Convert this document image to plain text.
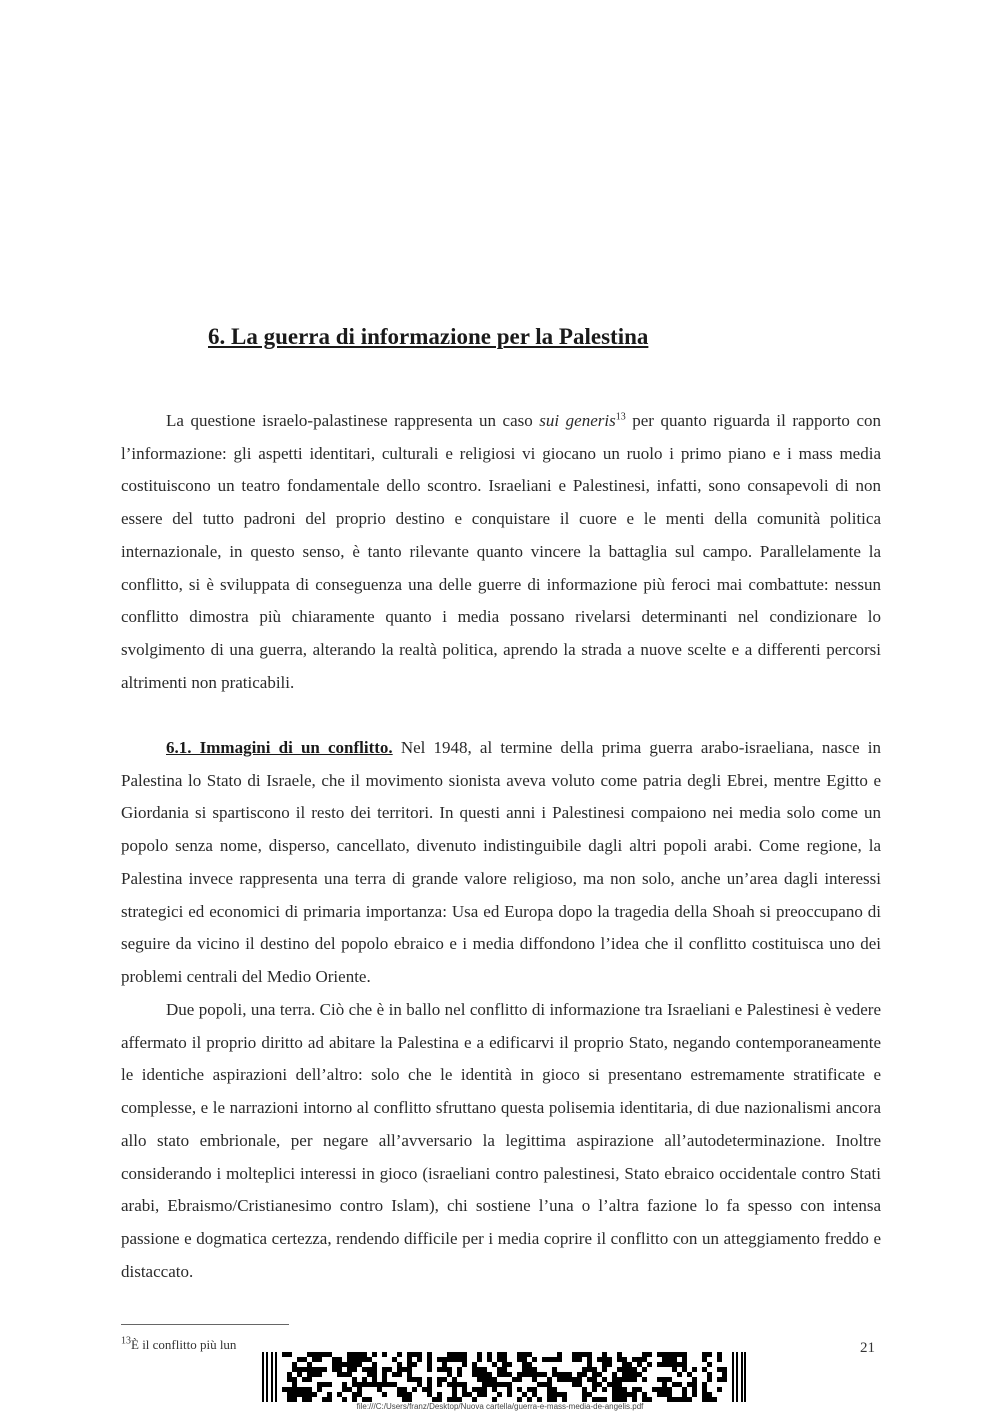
6. La guerra di informazione per la Palestina

La questione israelo-palastinese rappresenta un caso sui generis$^{13}$ per quanto riguarda il rapporto con l’informazione: gli aspetti identitari, culturali e religiosi vi giocano un ruolo i primo piano e i mass media costituiscono un teatro fondamentale dello scontro. Israeliani e Palestinesi, infatti, sono consapevoli di non essere del tutto padroni del proprio destino e conquistare il cuore e le menti della comunità politica internazionale, in questo senso, è tanto rilevante quanto vincere la battaglia sul campo. Parallelamente la conflitto, si è sviluppata di conseguenza una delle guerre di informazione più feroci mai combattute: nessun conflitto dimostra più chiaramente quanto i media possano rivelarsi determinanti nel condizionare lo svolgimento di una guerra, alterando la realtà politica, aprendo la strada a nuove scelte e a differenti percorsi altrimenti non praticabili.

6.1. Immagini di un conflitto. Nel 1948, al termine della prima guerra arabo-israeliana, nasce in Palestina lo Stato di Israele, che il movimento sionista aveva voluto come patria degli Ebrei, mentre Egitto e Giordania si spartiscono il resto dei territori. In questi anni i Palestinesi compaiono nei media solo come un popolo senza nome, disperso, cancellato, divenuto indistinguibile dagli altri popoli arabi. Come regione, la Palestina invece rappresenta una terra di grande valore religioso, ma non solo, anche un’area dagli interessi strategici ed economici di primaria importanza: Usa ed Europa dopo la tragedia della Shoah si preoccupano di seguire da vicino il destino del popolo ebraico e i media diffondono l’idea che il conflitto costituisca uno dei problemi centrali del Medio Oriente.

Due popoli, una terra. Ciò che è in ballo nel conflitto di informazione tra Israeliani e Palestinesi è vedere affermato il proprio diritto ad abitare la Palestina e a edificarvi il proprio Stato, negando contemporaneamente le identiche aspirazioni dell’altro: solo che le identità in gioco si presentano estremamente stratificate e complesse, e le narrazioni intorno al conflitto sfruttano questa polisemia identitaria, di due nazionalismi ancora allo stato embrionale, per negare all’avversario la legittima aspirazione all’autodeterminazione. Inoltre considerando i molteplici interessi in gioco (israeliani contro palestinesi, Stato ebraico occidentale contro Stati arabi, Ebraismo/Cristianesimo contro Islam), chi sostiene l’una o l’altra fazione lo fa spesso con intensa passione e dogmatica certezza, rendendo difficile per i media coprire il conflitto con un atteggiamento freddo e distaccato.

$^{13}$È il conflitto più lun	21
file:///C:/Users/franz/Desktop/Nuova cartella/guerra-e-mass-media-de-angelis.pdf
